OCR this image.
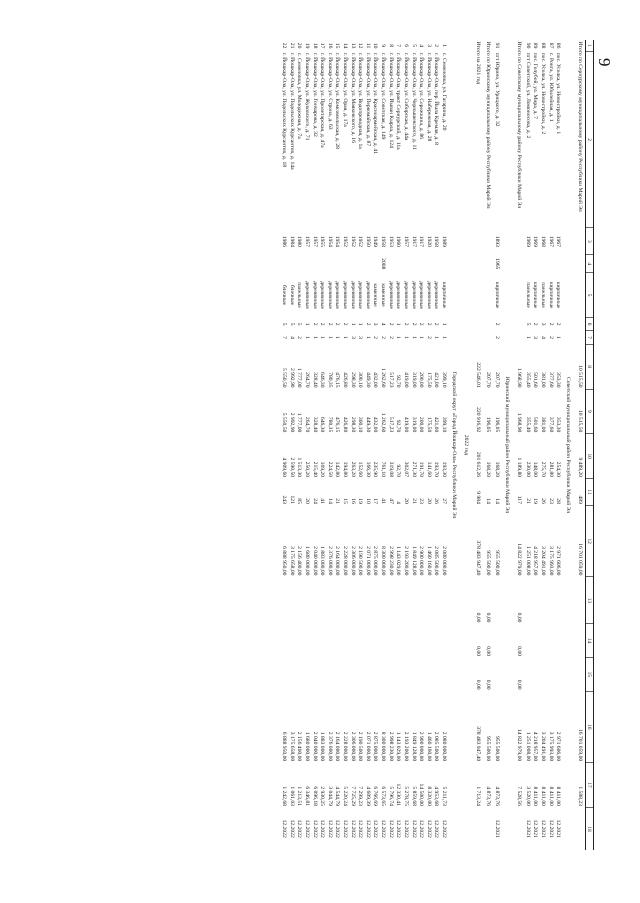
9
1	2	3	4	5	6	7	8	9	10	11	12	13	14	15	16	17	18
Итого по Сернурскому муниципальному району Республики Марий Эл							10 515,50	10 515,50	9 489,20	489	16 701 059,00				16 701 059,00	1 588,23	
Советский муниципальный район Республики Марий Эл																	
86	пос. Усолка, ул. Новостройки, д. 1	1967		кирпичные	2	1	353,30	353,30	254,30	28	2 971 606,00				2 971 606,00	8 411,00	12.2021
87	с. Ронга, ул. Юбилейная, д. 1	1967		кирпичные	2	2	377,60	377,60	281,80	23	3 175 993,00				3 175 993,00	8 411,00	12.2021
88	пос. Усолка, ул. Новостройки, д. 2	1968		панельные	3	4	381,00	381,00	275,70	26	3 204 491,00				3 204 491,00	8 411,00	12.2021
89	пос. Голубой, ул. Мира, д. 7	1969		кирпичные	2	3	501,60	501,60	148,00	19	4 218 957,00				4 218 957,00	8 411,00	12.2021
90	пгт Советский, ул. Ломоносова, д. 2	1969		панельные	5	1	355,40	355,40	230,00	21	1 251 008,00				1 251 008,00	3 520,00	12.2021
Итого по Советскому муниципальному району Республики Марий Эл							1 968,90	1 968,90	1 189,80	117	14 822 979,00	0,00	0,00	0,00	14 822 979,00	7 528,56	
Юринский муниципальный район Республики Марий Эл																	
91	пгт Юрино, ул. Урицкого, д. 32	1893	1965	кирпичные	2	2	207,70	196,05	168,20	14	955 500,00				955 500,00	4 873,76	12.2021
Итого по Юринскому муниципальному району Республики Марий Эл							207,70	196,05	168,20	14	955 500,00	0,00	0,00	0,00	955 500,00	4 873,76	
Итого на 2021 год							222 546,01	220 916,92	201 612,26	9 984	378 483 947,40	0,00	0,00	0,00	378 483 947,40	1 713,24	
2022 год																	
Городской округ «Город Йошкар-Ола» Республики Марий Эл																	
1	с. Семеновка, ул. Гагарина, д. 20	1989		кирпичные	1	1	399,10	399,10	193,30	27	2 080 000,00				2 080 000,00	5 211,73	12.2022
2	г. Йошкар-Ола, пер. Йыла Кремля, д. 8	1958		деревянные	2	1	421,00	421,00	193,70	26	2 085 500,00				2 085 500,00	4 953,68	12.2022
3	г. Йошкар-Ола, ул. Набережная, д. 28	1920		деревянные	2	2	175,50	175,50	141,60	20	1 460 160,00				1 460 160,00	8 320,00	12.2022
4	г. Йошкар-Ола, ул. Сережкина, д. 86	1917		деревянные	2	1	200,00	200,00	191,70	23	2 900 000,00				2 900 000,00	14 500,00	12.2022
5	г. Йошкар-Ола, ул. Чернышевского, д. 11	1917		деревянные	2	1	319,00	319,00	271,30	21	1 849 128,00				1 849 128,00	5 859,68	12.2022
6	г. Йошкар-Ола, ул. Сибирская, д. 44a	1957		деревянные	2	1	419,00	419,00	302,07	20	2 193 200,00				2 193 200,00	5 278,75	12.2022
7	г. Йошкар-Ола, тракт Сернурский, д. 11a	1960		деревянные	1	1	92,70	92,70	92,70	4	1 143 029,00				1 143 029,00	12 330,41	12.2022
8	г. Йошкар-Ола, ул. Йыван Кырла, д. 124	1953		деревянные	2	2	517,23	517,23	319,08	47	2 998 230,00				2 998 230,00	5 796,74	12.2022
9	г. Йошкар-Ола, ул. Советская, д. 149	1958	2008	каменные	4	2	1 262,60	1 262,60	761,10	41	8 300 000,00				8 300 000,00	6 573,65	12.2022
10	г. Йошкар-Ола, ул. Красноармейская, д. 41	1949		каменные	3	2	432,00	432,00	235,90	17	2 875 000,00				2 875 000,00	6 766,69	12.2022
11	г. Йошкар-Ола, ул. Первомайская, д. 87	1950		деревянные	2	1	449,30	449,30	166,30	10	2 071 000,00				2 071 000,00	4 609,39	12.2022
12	г. Йошкар-Ола, ул. Водопроводная, д. 1a	1952		деревянные	1	3	300,10	300,10	152,60	19	2 190 500,00				2 190 500,00	7 299,23	12.2022
13	г. Йошкар-Ола, ул. Маяковского, д. 16	1952		деревянные	1	3	298,30	298,30	263,20	16	2 306 000,00				2 306 000,00	7 725,29	12.2022
14	г. Йошкар-Ола, ул. Орая, д. 17a	1952		деревянные	2	1	426,80	426,80	194,80	15	2 228 000,00				2 228 000,00	5 220,24	12.2022
15	г. Йошкар-Ола, ул. Комсомольская, д. 28	1954		деревянные	2	1	476,15	476,15	142,80	21	2 164 000,00				2 164 000,00	4 544,79	12.2022
16	г. Йошкар-Ола, ул. Строна, д. 63	1954		деревянные	2	1	780,35	780,35	224,50	14	2 376 000,00				2 376 000,00	3 044,79	12.2022
17	г. Йошкар-Ола, ул. Пролетарская, д. 47a	1955		деревянные	2	1	646,30	646,30	169,20	41	1 883 000,00				1 883 000,00	2 930,25	12.2022
18	г. Йошкар-Ола, ул. Гончарова, д. 32	1957		деревянные	2	1	328,40	328,40	215,40	24	2 040 000,00				2 040 000,00	6 096,18	12.2022
19	г. Йошкар-Ола, ул. Жуковского, д. 71	1957		деревянные	1	1	264,70	264,70	250,20	20	1 680 000,00				1 680 000,00	6 346,81	12.2022
20	с. Семеновка, ул. Молодежная, д. 7a	1980		панельные	5	2	1 777,00	1 777,00	1 513,30	85	2 156 400,00				2 156 400,00	1 213,51	12.2022
21	г. Йошкар-Ола, ул. Подольских Курсантов, д. 14a	1984		блочные	5	4	2 992,90	2 992,90	2 590,50	121	3 175 658,00				3 175 658,00	1 061,03	12.2022
22	г. Йошкар-Ола, ул. Подольских Курсантов, д. 18	1986		блочные	5	7	5 550,50	5 550,50	4 909,60	243	6 888 950,00				6 888 950,00	1 242,68	12.2022
